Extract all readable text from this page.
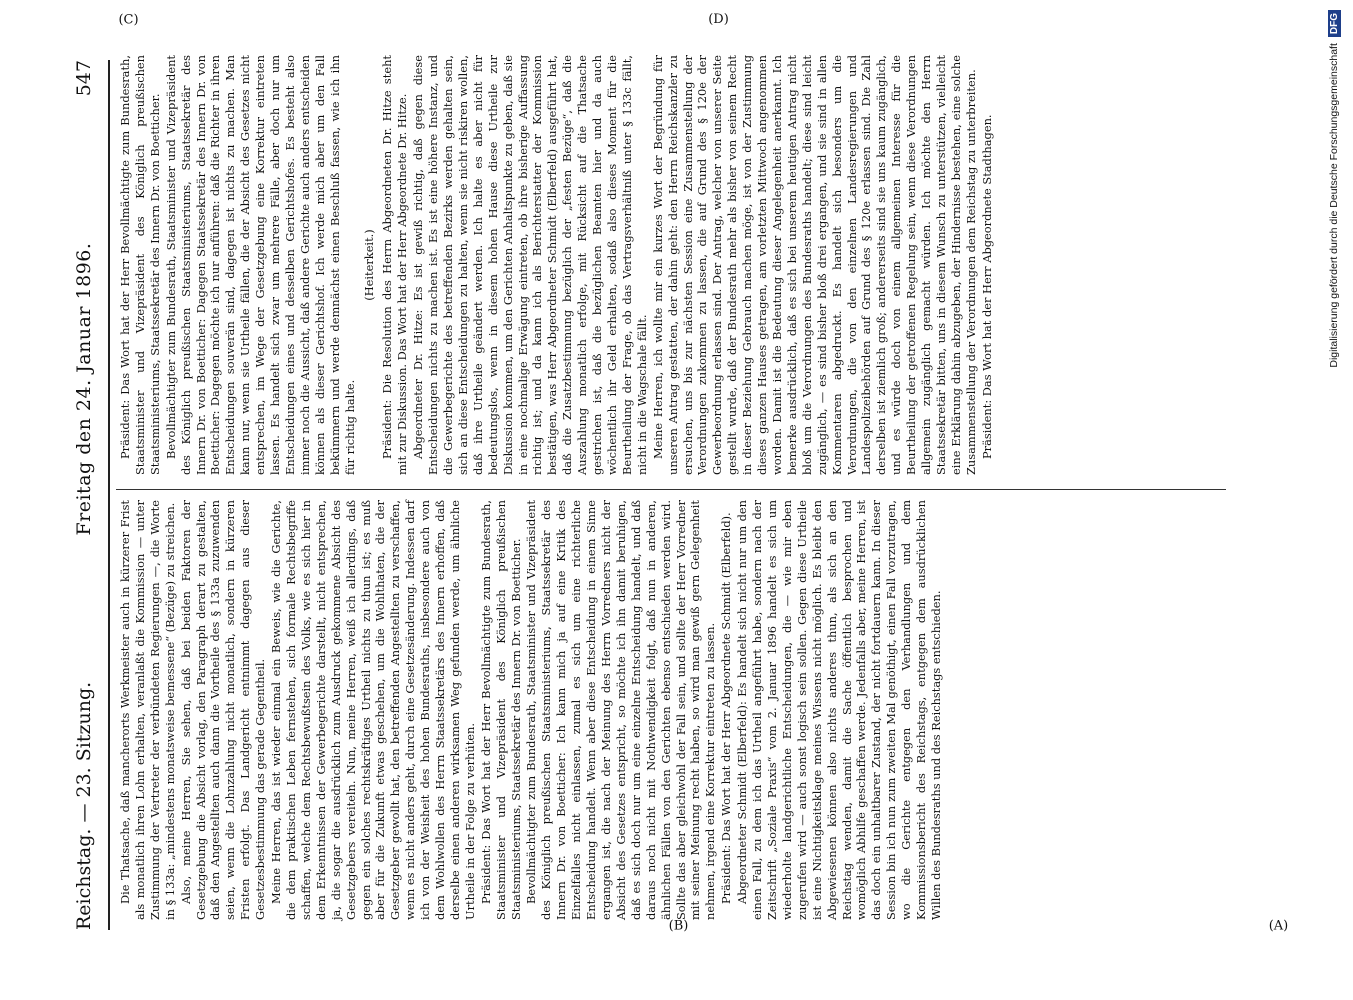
Reichstag. — 23. Sitzung.
Freitag den 24. Januar 1896.
547

Die Thatsache, daß mancherorts Werkmeister auch in kürzerer Frist als monatlich ihren Lohn erhalten, veranlaßt die Kommission — unter Zustimmung der Vertreter der verbündeten Regierungen —, die Worte in § 133a: „mindestens monatsweise bemessene“ (Bezüge) zu streichen. Also, meine Herren, Sie sehen, daß bei beiden Faktoren der Gesetzgebung die Absicht vorlag, den Paragraph derart zu gestalten, daß den Angestellten auch dann die Vortheile des § 133a zuzuwenden seien, wenn die Lohnzahlung nicht monatlich, sondern in kürzeren Fristen erfolgt. Das Landgericht entnimmt dagegen aus dieser Gesetzesbestimmung das gerade Gegentheil. Meine Herren, das ist wieder einmal ein Beweis, wie die Gerichte, die dem praktischen Leben fernstehen, sich formale Rechtsbegriffe schaffen, welche dem Rechtsbewußtsein des Volks, wie es sich hier in dem Erkenntnissen der Gewerbegerichte darstellt, nicht entsprechen, ja, die sogar die ausdrücklich zum Ausdruck gekommene Absicht des Gesetzgebers vereiteln. Nun, meine Herren, weiß ich allerdings, daß gegen ein solches rechtskräftiges Urtheil nichts zu thun ist; es muß aber für die Zukunft etwas geschehen, um die Wohlthaten, die der Gesetzgeber gewollt hat, den betreffenden Angestellten zu verschaffen, wenn es nicht anders geht, durch eine Gesetzesänderung. Indessen darf ich von der Weisheit des hohen Bundesraths, insbesondere auch von dem Wohlwollen des Herrn Staatssekretärs des Innern erhoffen, daß derselbe einen anderen wirksamen Weg gefunden werde, um ähnliche Urtheile in der Folge zu verhüten. Präsident: Das Wort hat der Herr Bevollmächtigte zum Bundesrath, Staatsminister und Vizepräsident des Königlich preußischen Staatsministeriums, Staatssekretär des Innern Dr. von Boetticher. Bevollmächtigter zum Bundesrath, Staatsminister und Vizepräsident des Königlich preußischen Staatsministeriums, Staatssekretär des Innern Dr. von Boetticher: Ich kann mich ja auf eine Kritik des Einzelfalles nicht einlassen, zumal es sich um eine richterliche Entscheidung handelt. Wenn aber diese Entscheidung in einem Sinne ergangen ist, die nach der Meinung des Herrn Vorredners nicht der Absicht des Gesetzes entspricht, so möchte ich ihn damit beruhigen, daß es sich doch nur um eine einzelne Entscheidung handelt, und daß daraus noch nicht mit Nothwendigkeit folgt, daß nun in anderen, ähnlichen Fällen von den Gerichten ebenso entschieden werden wird. Sollte das aber gleichwohl der Fall sein, und sollte der Herr Vorredner mit seiner Meinung recht haben, so wird man gewiß gern Gelegenheit nehmen, irgend eine Korrektur eintreten zu lassen. Präsident: Das Wort hat der Herr Abgeordnete Schmidt (Elberfeld). Abgeordneter Schmidt (Elberfeld): Es handelt sich nicht nur um den einen Fall, zu dem ich das Urtheil angeführt habe, sondern nach der Zeitschrift „Soziale Praxis“ vom 2. Januar 1896 handelt es sich um wiederholte landgerichtliche Entscheidungen, die — wie mir eben zugerufen wird — auch sonst logisch sein sollen. Gegen diese Urtheile ist eine Nichtigkeitsklage meines Wissens nicht möglich. Es bleibt den Abgewiesenen können also nichts anderes thun, als sich an den Reichstag wenden, damit die Sache öffentlich besprochen und womöglich Abhilfe geschaffen werde. Jedenfalls aber, meine Herren, ist das doch ein unhaltbarer Zustand, der nicht fortdauern kann. In dieser Session bin ich nun zum zweiten Mal genöthigt, einen Fall vorzutragen, wo die Gerichte entgegen den Verhandlungen und dem Kommissionsbericht des Reichstags, entgegen dem ausdrücklichen Willen des Bundesraths und des Reichstags entschieden.

Präsident: Das Wort hat der Herr Bevollmächtigte zum Bundesrath, Staatsminister und Vizepräsident des Königlich preußischen Staatsministeriums, Staatssekretär des Innern Dr. von Boetticher. Bevollmächtigter zum Bundesrath, Staatsminister und Vizepräsident des Königlich preußischen Staatsministeriums, Staatssekretär des Innern Dr. von Boetticher: Dagegen Staatssekretär des Innern Dr. von Boetticher: Dagegen möchte ich nur anführen: daß die Richter in ihren Entscheidungen souverän sind, dagegen ist nichts zu machen. Man kann nur, wenn sie Urtheile fällen, die der Absicht des Gesetzes nicht entsprechen, im Wege der Gesetzgebung eine Korrektur eintreten lassen. Es handelt sich zwar um mehrere Fälle, aber doch nur um Entscheidungen eines und desselben Gerichtshofes. Es besteht also immer noch die Aussicht, daß andere Gerichte auch anders entscheiden können als dieser Gerichtshof. Ich werde mich aber um den Fall bekümmern und werde demnächst einen Beschluß fassen, wie ich ihn für richtig halte.

(Heiterkeit.) Präsident: Die Resolution des Herrn Abgeordneten Dr. Hitze steht mit zur Diskussion. Das Wort hat der Herr Abgeordnete Dr. Hitze. Abgeordneter Dr. Hitze: Es ist gewiß richtig, daß gegen diese Entscheidungen nichts zu machen ist. Es ist eine höhere Instanz, und die Gewerbegerichte des betreffenden Bezirks werden gehalten sein, sich an diese Entscheidungen zu halten, wenn sie nicht riskiren wollen, daß ihre Urtheile geändert werden. Ich halte es aber nicht für bedeutungslos, wenn in diesem hohen Hause diese Urtheile zur Diskussion kommen, um den Gerichten Anhaltspunkte zu geben, daß sie in eine nochmalige Erwägung eintreten, ob ihre bisherige Auffassung richtig ist; und da kann ich als Berichterstatter der Kommission bestätigen, was Herr Abgeordneter Schmidt (Elberfeld) ausgeführt hat, daß die Zusatzbestimmung bezüglich der „festen Bezüge“, daß die Auszahlung monatlich erfolge, mit Rücksicht auf die Thatsache gestrichen ist, daß die bezüglichen Beamten hier und da auch wöchentlich ihr Geld erhalten, sodaß also dieses Moment für die Beurtheilung der Frage, ob das Vertragsverhältniß unter § 133c fällt, nicht in die Wagschale fällt. Meine Herren, ich wollte mir ein kurzes Wort der Begründung für unseren Antrag gestatten, der dahin geht: den Herrn Reichskanzler zu ersuchen, uns bis zur nächsten Session eine Zusammenstellung der Verordnungen zukommen zu lassen, die auf Grund des § 120e der Gewerbeordnung erlassen sind. Der Antrag, welcher von unserer Seite gestellt wurde, daß der Bundesrath mehr als bisher von seinem Recht in dieser Beziehung Gebrauch machen möge, ist von der Zustimmung dieses ganzen Hauses getragen, am vorletzten Mittwoch angenommen worden. Damit ist die Bedeutung dieser Angelegenheit anerkannt. Ich bemerke ausdrücklich, daß es sich bei unserem heutigen Antrag nicht bloß um die Verordnungen des Bundesraths handelt; diese sind leicht zugänglich, — es sind bisher bloß drei ergangen, und sie sind in allen Kommentaren abgedruckt. Es handelt sich besonders um die Verordnungen, die von den einzelnen Landesregierungen und Landespolizeibehörden auf Grund des § 120e erlassen sind. Die Zahl derselben ist ziemlich groß; andererseits sind sie uns kaum zugänglich, und es würde doch von einem allgemeinen Interesse für die Beurtheilung der getroffenen Regelung sein, wenn diese Verordnungen allgemein zugänglich gemacht würden. Ich möchte den Herrn Staatssekretär bitten, uns in diesem Wunsch zu unterstützen, vielleicht eine Erklärung dahin abzugeben, der Hindernisse bestehen, eine solche Zusammenstellung der Verordnungen dem Reichstag zu unterbreiten. Präsident: Das Wort hat der Herr Abgeordnete Stadthagen.

(A)
(B)
(C)	(D)
Digitalisierung gefördert durch die Deutsche Forschungsgemeinschaft
DFG
